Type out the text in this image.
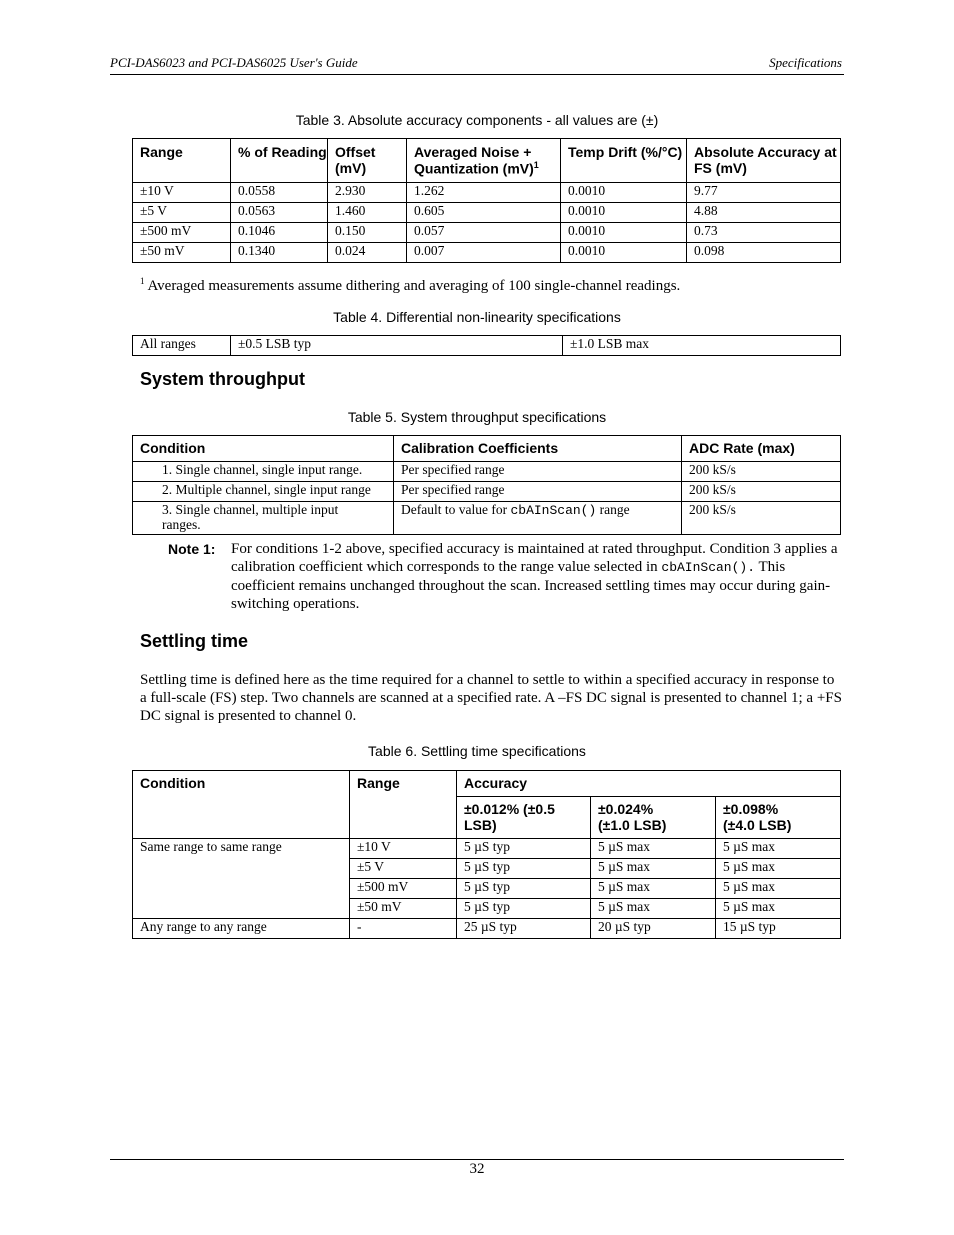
PCI-DAS6023 and PCI-DAS6025 User's Guide	Specifications
Table 3. Absolute accuracy components - all values are (±)
Range	% of Reading	Offset (mV)	Averaged Noise + Quantization (mV)$^1$	Temp Drift (%/°C)	Absolute Accuracy at FS (mV)
±10 V	0.0558	2.930	1.262	0.0010	9.77
±5 V	0.0563	1.460	0.605	0.0010	4.88
±500 mV	0.1046	0.150	0.057	0.0010	0.73
±50 mV	0.1340	0.024	0.007	0.0010	0.098
$^1$ Averaged measurements assume dithering and averaging of 100 single-channel readings.
Table 4. Differential non-linearity specifications
All ranges	±0.5 LSB typ	±1.0 LSB max
System throughput
Table 5. System throughput specifications
Condition	Calibration Coefficients	ADC Rate (max)
1. Single channel, single input range.	Per specified range	200 kS/s
2. Multiple channel, single input range	Per specified range	200 kS/s
3. Single channel, multiple input ranges.	Default to value for cbAInScan() range	200 kS/s
Note 1: For conditions 1-2 above, specified accuracy is maintained at rated throughput. Condition 3 applies a calibration coefficient which corresponds to the range value selected in cbAInScan(). This coefficient remains unchanged throughout the scan. Increased settling times may occur during gain-switching operations.
Settling time
Settling time is defined here as the time required for a channel to settle to within a specified accuracy in response to a full-scale (FS) step. Two channels are scanned at a specified rate. A –FS DC signal is presented to channel 1; a +FS DC signal is presented to channel 0.
Table 6. Settling time specifications
Condition	Range	Accuracy		
		±0.012% (±0.5 LSB)	±0.024% (±1.0 LSB)	±0.098% (±4.0 LSB)
Same range to same range	±10 V	5 µS typ	5 µS max	5 µS max
	±5 V	5 µS typ	5 µS max	5 µS max
	±500 mV	5 µS typ	5 µS max	5 µS max
	±50 mV	5 µS typ	5 µS max	5 µS max
Any range to any range	-	25 µS typ	20 µS typ	15 µS typ
32
